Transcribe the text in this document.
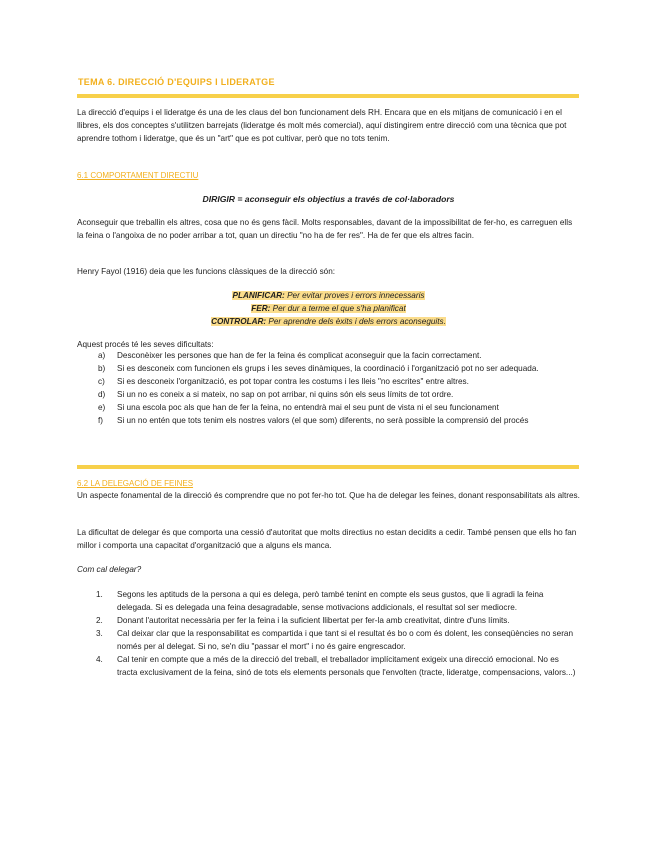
TEMA 6. DIRECCIÓ D'EQUIPS I LIDERATGE

La direcció d'equips i el lideratge és una de les claus del bon funcionament dels RH. Encara que en els mitjans de comunicació i en el llibres, els dos conceptes s'utilitzen barrejats (lideratge és molt més comercial), aquí distingirem entre direcció com una tècnica que pot aprendre tothom i lideratge, que és un "art" que es pot cultivar, però que no tots tenim.

6.1 COMPORTAMENT DIRECTIU
DIRIGIR = aconseguir els objectius a través de col·laboradors

Aconseguir que treballin els altres, cosa que no és gens fàcil. Molts responsables, davant de la impossibilitat de fer-ho, es carreguen ells la feina o l'angoixa de no poder arribar a tot, quan un directiu "no ha de fer res". Ha de fer que els altres facin.

Henry Fayol (1916) deia que les funcions clàssiques de la direcció són:

PLANIFICAR: Per evitar proves i errors innecessaris
FER: Per dur a terme el que s'ha planificat
CONTROLAR: Per aprendre dels èxits i dels errors aconseguits.

Aquest procés té les seves dificultats:

a) Desconèixer les persones que han de fer la feina és complicat aconseguir que la facin correctament.
b) Si es desconeix com funcionen els grups i les seves dinàmiques, la coordinació i l'organització pot no ser adequada.
c) Si es desconeix l'organització, es pot topar contra les costums i les lleis "no escrites" entre altres.
d) Si un no es coneix a si mateix, no sap on pot arribar, ni quins són els seus límits de tot ordre.
e) Si una escola poc als que han de fer la feina, no entendrà mai el seu punt de vista ni el seu funcionament
f) Si un no entén que tots tenim els nostres valors (el que som) diferents, no serà possible la comprensió del procés
6.2 LA DELEGACIÓ DE FEINES

Un aspecte fonamental de la direcció és comprendre que no pot fer-ho tot. Que ha de delegar les feines, donant responsabilitats als altres.

La dificultat de delegar és que comporta una cessió d'autoritat que molts directius no estan decidits a cedir. També pensen que ells ho fan millor i comporta una capacitat d'organització que a alguns els manca.

Com cal delegar?

1. Segons les aptituds de la persona a qui es delega, però també tenint en compte els seus gustos, que li agradi la feina delegada. Si es delegada una feina desagradable, sense motivacions addicionals, el resultat sol ser mediocre.
2. Donant l'autoritat necessària per fer la feina i la suficient llibertat per fer-la amb creativitat, dintre d'uns límits.
3. Cal deixar clar que la responsabilitat es compartida i que tant si el resultat és bo o com és dolent, les conseqüències no seran només per al delegat. Si no, se'n diu "passar el mort" i no és gaire engrescador.
4. Cal tenir en compte que a més de la direcció del treball, el treballador implícitament exigeix una direcció emocional. No es tracta exclusivament de la feina, sinó de tots els elements personals que l'envolten (tracte, lideratge, compensacions, valors...)
